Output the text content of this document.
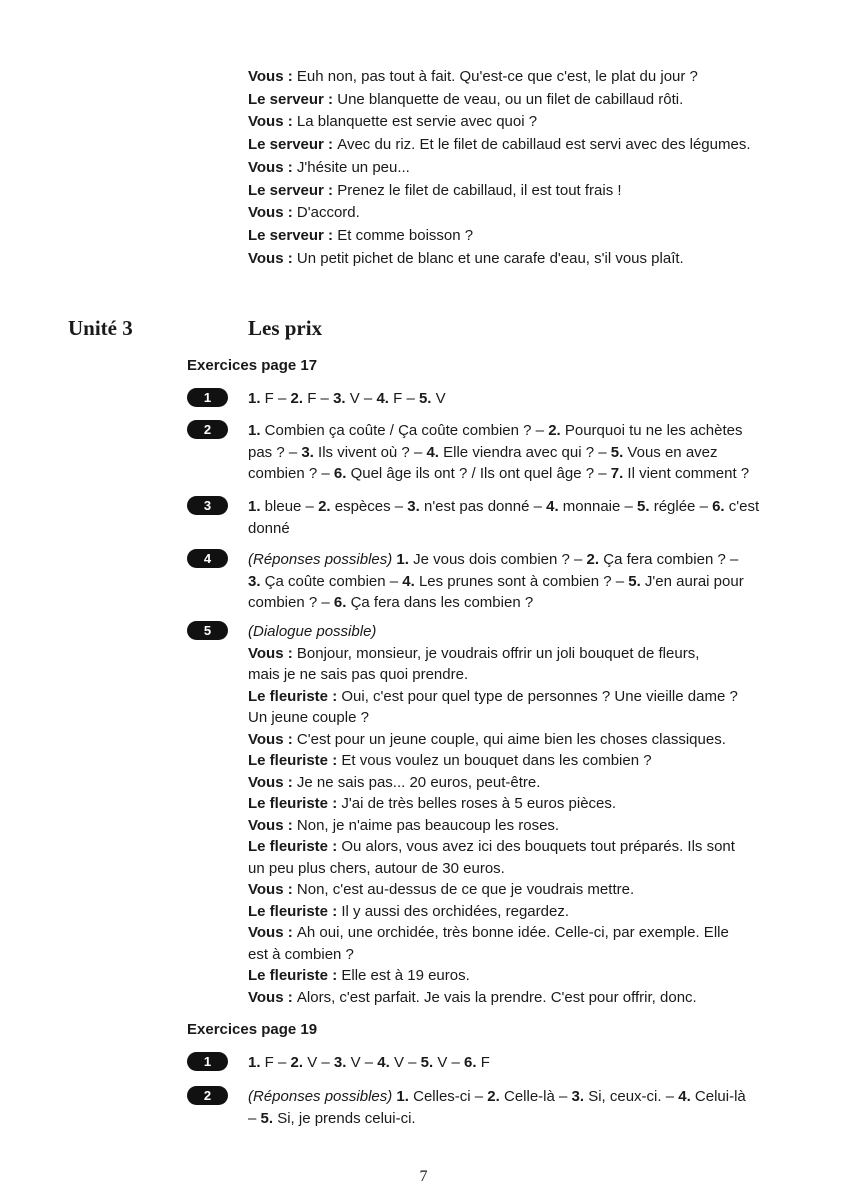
Vous : Euh non, pas tout à fait. Qu'est-ce que c'est, le plat du jour ?
Le serveur : Une blanquette de veau, ou un filet de cabillaud rôti.
Vous : La blanquette est servie avec quoi ?
Le serveur : Avec du riz. Et le filet de cabillaud est servi avec des légumes.
Vous : J'hésite un peu...
Le serveur : Prenez le filet de cabillaud, il est tout frais !
Vous : D'accord.
Le serveur : Et comme boisson ?
Vous : Un petit pichet de blanc et une carafe d'eau, s'il vous plaît.
Unité 3	Les prix
Exercices page 17
1	1. F – 2. F – 3. V – 4. F – 5. V
2	1. Combien ça coûte / Ça coûte combien ? – 2. Pourquoi tu ne les achètes
pas ? – 3. Ils vivent où ? – 4. Elle viendra avec qui ? – 5. Vous en avez
combien ? – 6. Quel âge ils ont ? / Ils ont quel âge ? – 7. Il vient comment ?
3	1. bleue – 2. espèces – 3. n'est pas donné – 4. monnaie – 5. réglée – 6. c'est
donné
4	(Réponses possibles) 1. Je vous dois combien ? – 2. Ça fera combien ? –
3. Ça coûte combien – 4. Les prunes sont à combien ? – 5. J'en aurai pour
combien ? – 6. Ça fera dans les combien ?
5	(Dialogue possible)
Vous : Bonjour, monsieur, je voudrais offrir un joli bouquet de fleurs,
mais je ne sais pas quoi prendre.
Le fleuriste : Oui, c'est pour quel type de personnes ? Une vieille dame ?
Un jeune couple ?
Vous : C'est pour un jeune couple, qui aime bien les choses classiques.
Le fleuriste : Et vous voulez un bouquet dans les combien ?
Vous : Je ne sais pas... 20 euros, peut-être.
Le fleuriste : J'ai de très belles roses à 5 euros pièces.
Vous : Non, je n'aime pas beaucoup les roses.
Le fleuriste : Ou alors, vous avez ici des bouquets tout préparés. Ils sont
un peu plus chers, autour de 30 euros.
Vous : Non, c'est au-dessus de ce que je voudrais mettre.
Le fleuriste : Il y aussi des orchidées, regardez.
Vous : Ah oui, une orchidée, très bonne idée. Celle-ci, par exemple. Elle
est à combien ?
Le fleuriste : Elle est à 19 euros.
Vous : Alors, c'est parfait. Je vais la prendre. C'est pour offrir, donc.
Exercices page 19
1	1. F – 2. V – 3. V – 4. V – 5. V – 6. F
2	(Réponses possibles) 1. Celles-ci – 2. Celle-là – 3. Si, ceux-ci. – 4. Celui-là
– 5. Si, je prends celui-ci.
7
